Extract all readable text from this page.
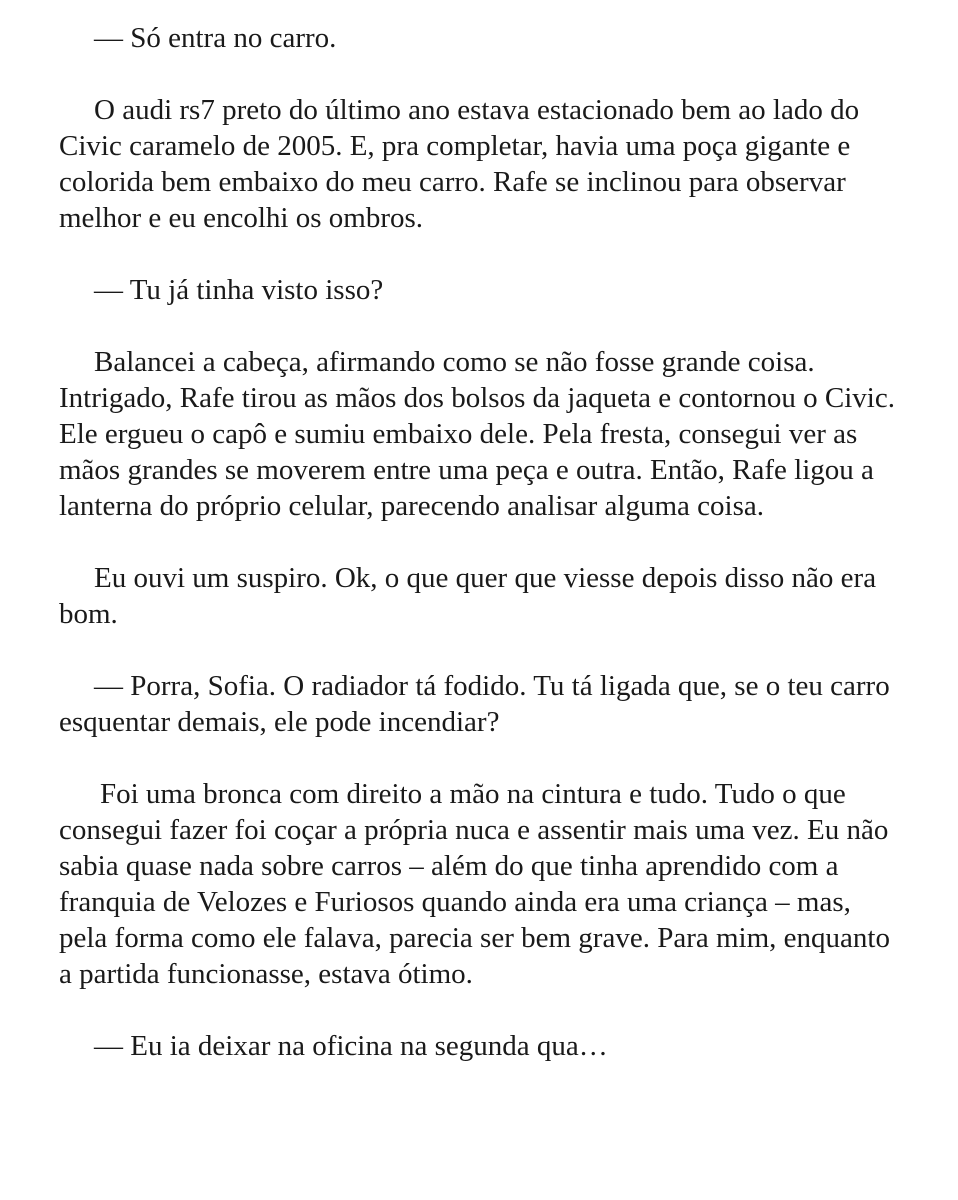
— Só entra no carro.

O audi rs7 preto do último ano estava estacionado bem ao lado do Civic caramelo de 2005. E, pra completar, havia uma poça gigante e colorida bem embaixo do meu carro. Rafe se inclinou para observar melhor e eu encolhi os ombros.

— Tu já tinha visto isso?

Balancei a cabeça, afirmando como se não fosse grande coisa. Intrigado, Rafe tirou as mãos dos bolsos da jaqueta e contornou o Civic. Ele ergueu o capô e sumiu embaixo dele. Pela fresta, consegui ver as mãos grandes se moverem entre uma peça e outra. Então, Rafe ligou a lanterna do próprio celular, parecendo analisar alguma coisa.

Eu ouvi um suspiro. Ok, o que quer que viesse depois disso não era bom.

— Porra, Sofia. O radiador tá fodido. Tu tá ligada que, se o teu carro esquentar demais, ele pode incendiar?

Foi uma bronca com direito a mão na cintura e tudo. Tudo o que consegui fazer foi coçar a própria nuca e assentir mais uma vez. Eu não sabia quase nada sobre carros – além do que tinha aprendido com a franquia de Velozes e Furiosos quando ainda era uma criança – mas, pela forma como ele falava, parecia ser bem grave. Para mim, enquanto a partida funcionasse, estava ótimo.

— Eu ia deixar na oficina na segunda qua…
